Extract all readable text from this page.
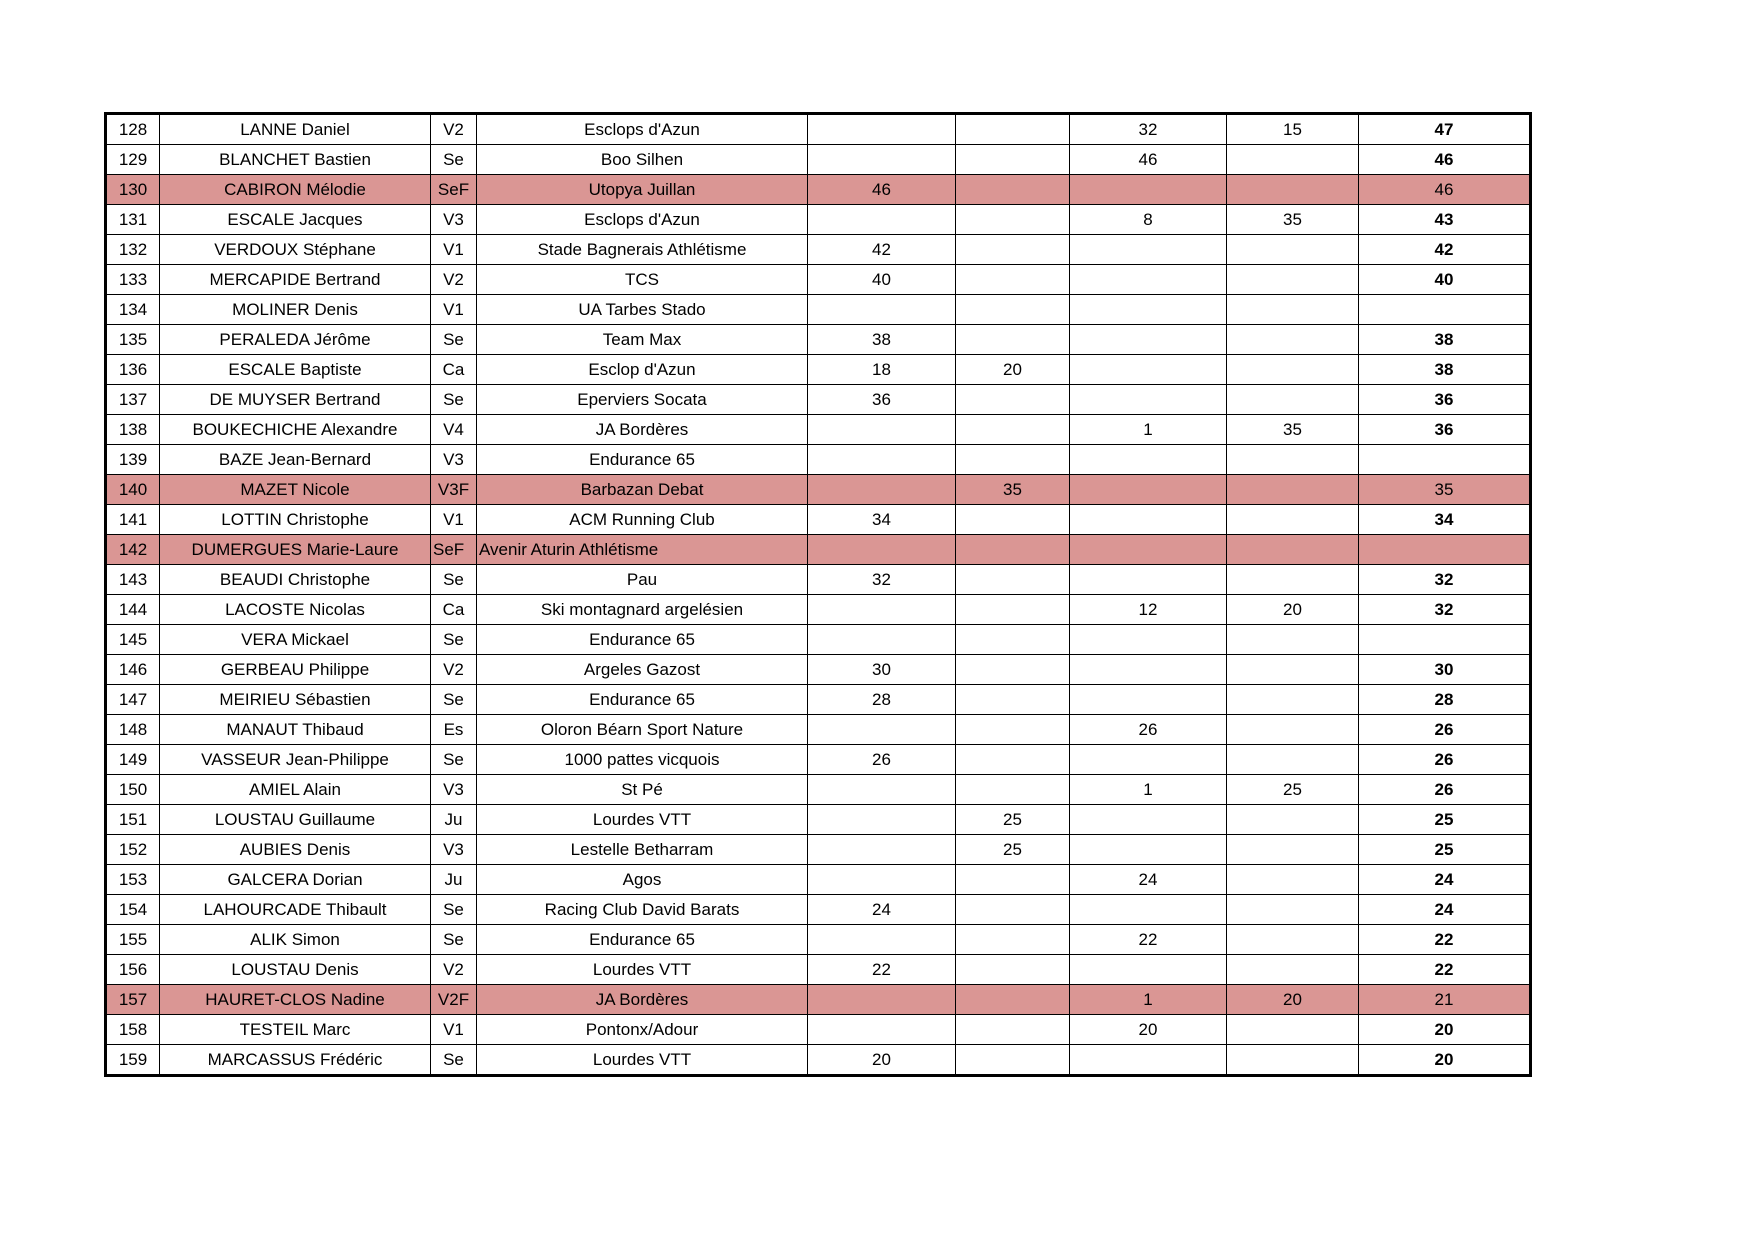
128	LANNE Daniel	V2	Esclops d'Azun			32	15	47
129	BLANCHET Bastien	Se	Boo Silhen			46		46
130	CABIRON Mélodie	SeF	Utopya Juillan	46				46
131	ESCALE Jacques	V3	Esclops d'Azun			8	35	43
132	VERDOUX Stéphane	V1	Stade Bagnerais Athlétisme	42				42
133	MERCAPIDE Bertrand	V2	TCS	40				40
134	MOLINER Denis	V1	UA Tarbes Stado					
135	PERALEDA Jérôme	Se	Team Max	38				38
136	ESCALE Baptiste	Ca	Esclop d'Azun	18	20			38
137	DE MUYSER Bertrand	Se	Eperviers Socata	36				36
138	BOUKECHICHE Alexandre	V4	JA Bordères			1	35	36
139	BAZE Jean-Bernard	V3	Endurance 65					
140	MAZET Nicole	V3F	Barbazan Debat		35			35
141	LOTTIN Christophe	V1	ACM Running Club	34				34
142	DUMERGUES Marie-Laure	SeF	Avenir Aturin Athlétisme					
143	BEAUDI Christophe	Se	Pau	32				32
144	LACOSTE Nicolas	Ca	Ski montagnard argelésien			12	20	32
145	VERA Mickael	Se	Endurance 65					
146	GERBEAU Philippe	V2	Argeles Gazost	30				30
147	MEIRIEU Sébastien	Se	Endurance 65	28				28
148	MANAUT Thibaud	Es	Oloron Béarn Sport Nature			26		26
149	VASSEUR Jean-Philippe	Se	1000 pattes vicquois	26				26
150	AMIEL Alain	V3	St Pé			1	25	26
151	LOUSTAU Guillaume	Ju	Lourdes VTT		25			25
152	AUBIES Denis	V3	Lestelle Betharram		25			25
153	GALCERA Dorian	Ju	Agos			24		24
154	LAHOURCADE Thibault	Se	Racing Club David Barats	24				24
155	ALIK Simon	Se	Endurance 65			22		22
156	LOUSTAU Denis	V2	Lourdes VTT	22				22
157	HAURET-CLOS Nadine	V2F	JA Bordères			1	20	21
158	TESTEIL Marc	V1	Pontonx/Adour			20		20
159	MARCASSUS Frédéric	Se	Lourdes VTT	20				20
